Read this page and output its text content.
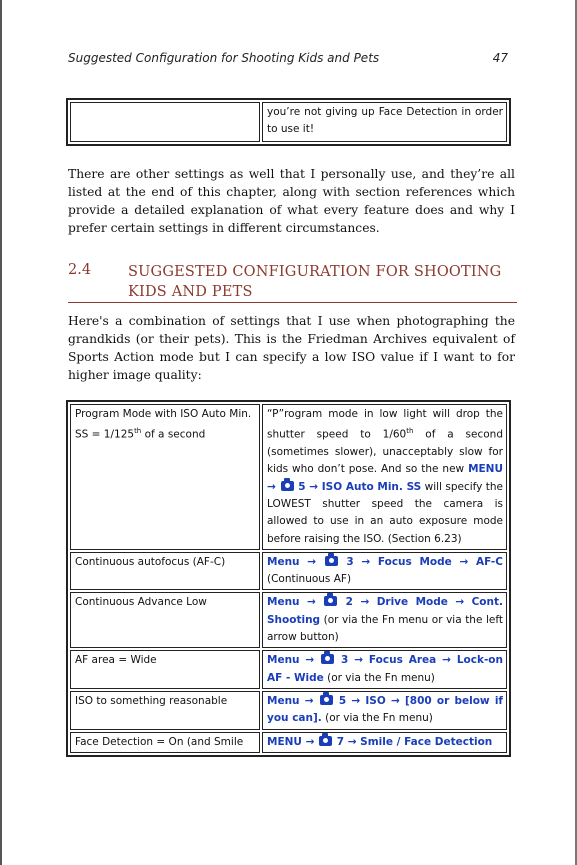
Suggested Configuration for Shooting Kids and Pets	47
	you’re not giving up Face Detection in order to use it!

There are other settings as well that I personally use, and they’re all listed at the end of this chapter, along with section references which provide a detailed explanation of what every feature does and why I prefer certain settings in different circumstances.

2.4	SUGGESTED CONFIGURATION FOR SHOOTING KIDS AND PETS

Here's a combination of settings that I use when photographing the grandkids (or their pets). This is the Friedman Archives equivalent of Sports Action mode but I can specify a low ISO value if I want to for higher image quality:

Program Mode with ISO Auto Min. SS = 1/125th of a second	“P”rogram mode in low light will drop the shutter speed to 1/60th of a second (sometimes slower), unacceptably slow for kids who don’t pose. And so the new MENU →  5 → ISO Auto Min. SS will specify the LOWEST shutter speed the camera is allowed to use in an auto exposure mode before raising the ISO. (Section 6.23)
Continuous autofocus (AF-C)	Menu →  3 → Focus Mode → AF-C (Continuous AF)
Continuous Advance Low	Menu →  2 → Drive Mode → Cont. Shooting (or via the Fn menu or via the left arrow button)
AF area = Wide	Menu →  3 → Focus Area → Lock-on AF - Wide (or via the Fn menu)
ISO to something reasonable	Menu →  5 → ISO → [800 or below if you can]. (or via the Fn menu)
Face Detection = On (and Smile	MENU →  7 → Smile / Face Detection
